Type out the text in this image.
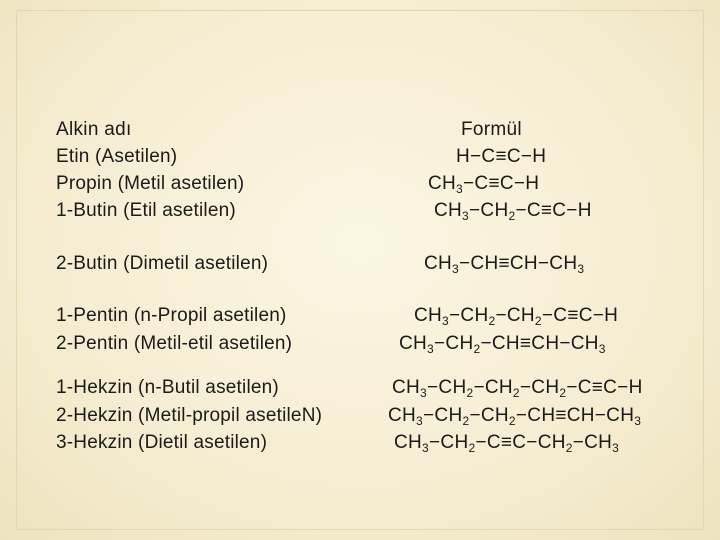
Alkin adı	Formül
Etin (Asetilen)	H−C≡C−H
Propin (Metil asetilen)	$CH_3-C\equiv C-H$
1-Butin (Etil asetilen)	$CH_3-CH_2-C\equiv C-H$
2-Butin (Dimetil asetilen)	$CH_3-CH\equiv CH-CH_3$
1-Pentin (n-Propil asetilen)	$CH_3-CH_2-CH_2-C\equiv C-H$
2-Pentin (Metil-etil asetilen)	$CH_3-CH_2-CH\equiv CH-CH_3$
1-Hekzin (n-Butil asetilen)	$CH_3-CH_2-CH_2-CH_2-C\equiv C-H$
2-Hekzin (Metil-propil asetileN)	$CH_3-CH_2-CH_2-CH\equiv CH-CH_3$
3-Hekzin (Dietil asetilen)	$CH_3-CH_2-C\equiv C-CH_2-CH_3$
